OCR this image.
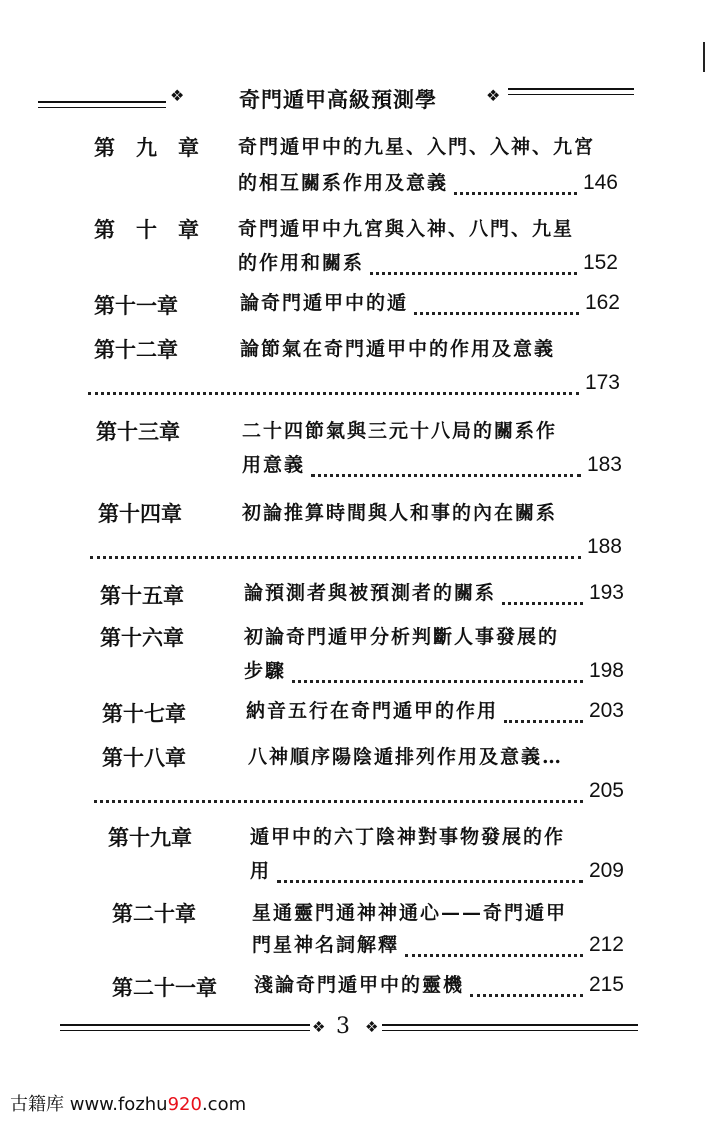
❖	奇門遁甲高級預測學	❖
第　九　章 奇門遁甲中的九星、入門、入神、九宮
的相互關系作用及意義	146
第　十　章 奇門遁甲中九宮與入神、八門、九星
的作用和關系	152
第十一章	論奇門遁甲中的遁	162
第十二章	論節氣在奇門遁甲中的作用及意義
173
第十三章	二十四節氣與三元十八局的關系作
用意義	183
第十四章	初論推算時間與人和事的內在關系
188
第十五章	論預測者與被預測者的關系	193
第十六章	初論奇門遁甲分析判斷人事發展的
步驟	198
第十七章	納音五行在奇門遁甲的作用	203
第十八章	八神順序陽陰遁排列作用及意義…
205
第十九章	遁甲中的六丁陰神對事物發展的作
用	209
第二十章	星通靈門通神神通心——奇門遁甲
門星神名詞解釋	212
第二十一章 淺論奇門遁甲中的靈機	215
❖ 3 ❖
古籍库 www.fozhu920.com
